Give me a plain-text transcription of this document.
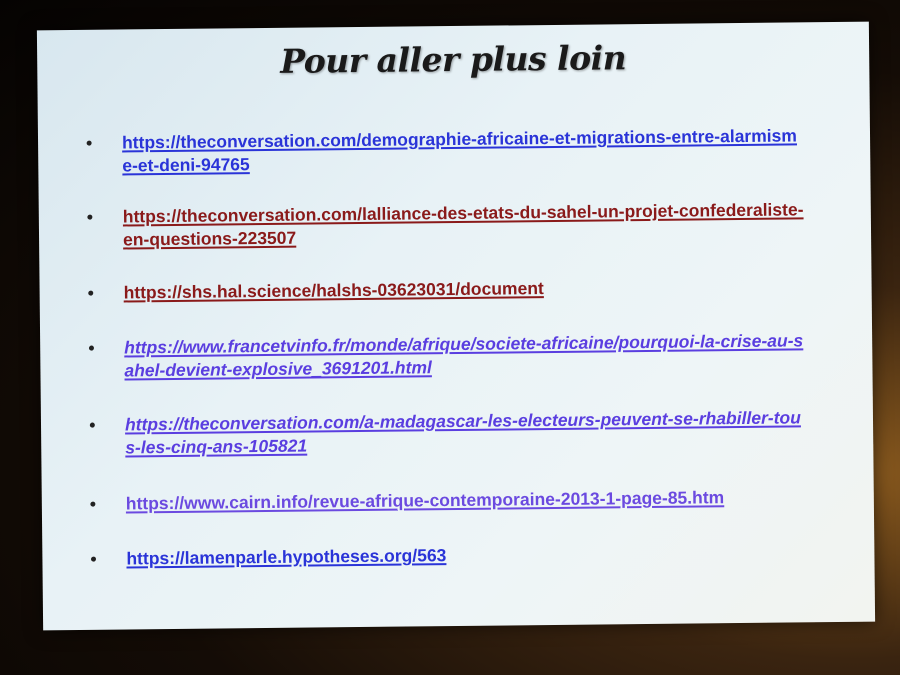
Pour aller plus loin
• https://theconversation.com/demographie-africaine-et-migrations-entre-alarmisme-et-deni-94765
• https://theconversation.com/lalliance-des-etats-du-sahel-un-projet-confederaliste-en-questions-223507
• https://shs.hal.science/halshs-03623031/document
• https://www.francetvinfo.fr/monde/afrique/societe-africaine/pourquoi-la-crise-au-sahel-devient-explosive_3691201.html
• https://theconversation.com/a-madagascar-les-electeurs-peuvent-se-rhabiller-tous-les-cinq-ans-105821
• https://www.cairn.info/revue-afrique-contemporaine-2013-1-page-85.htm
• https://lamenparle.hypotheses.org/563
